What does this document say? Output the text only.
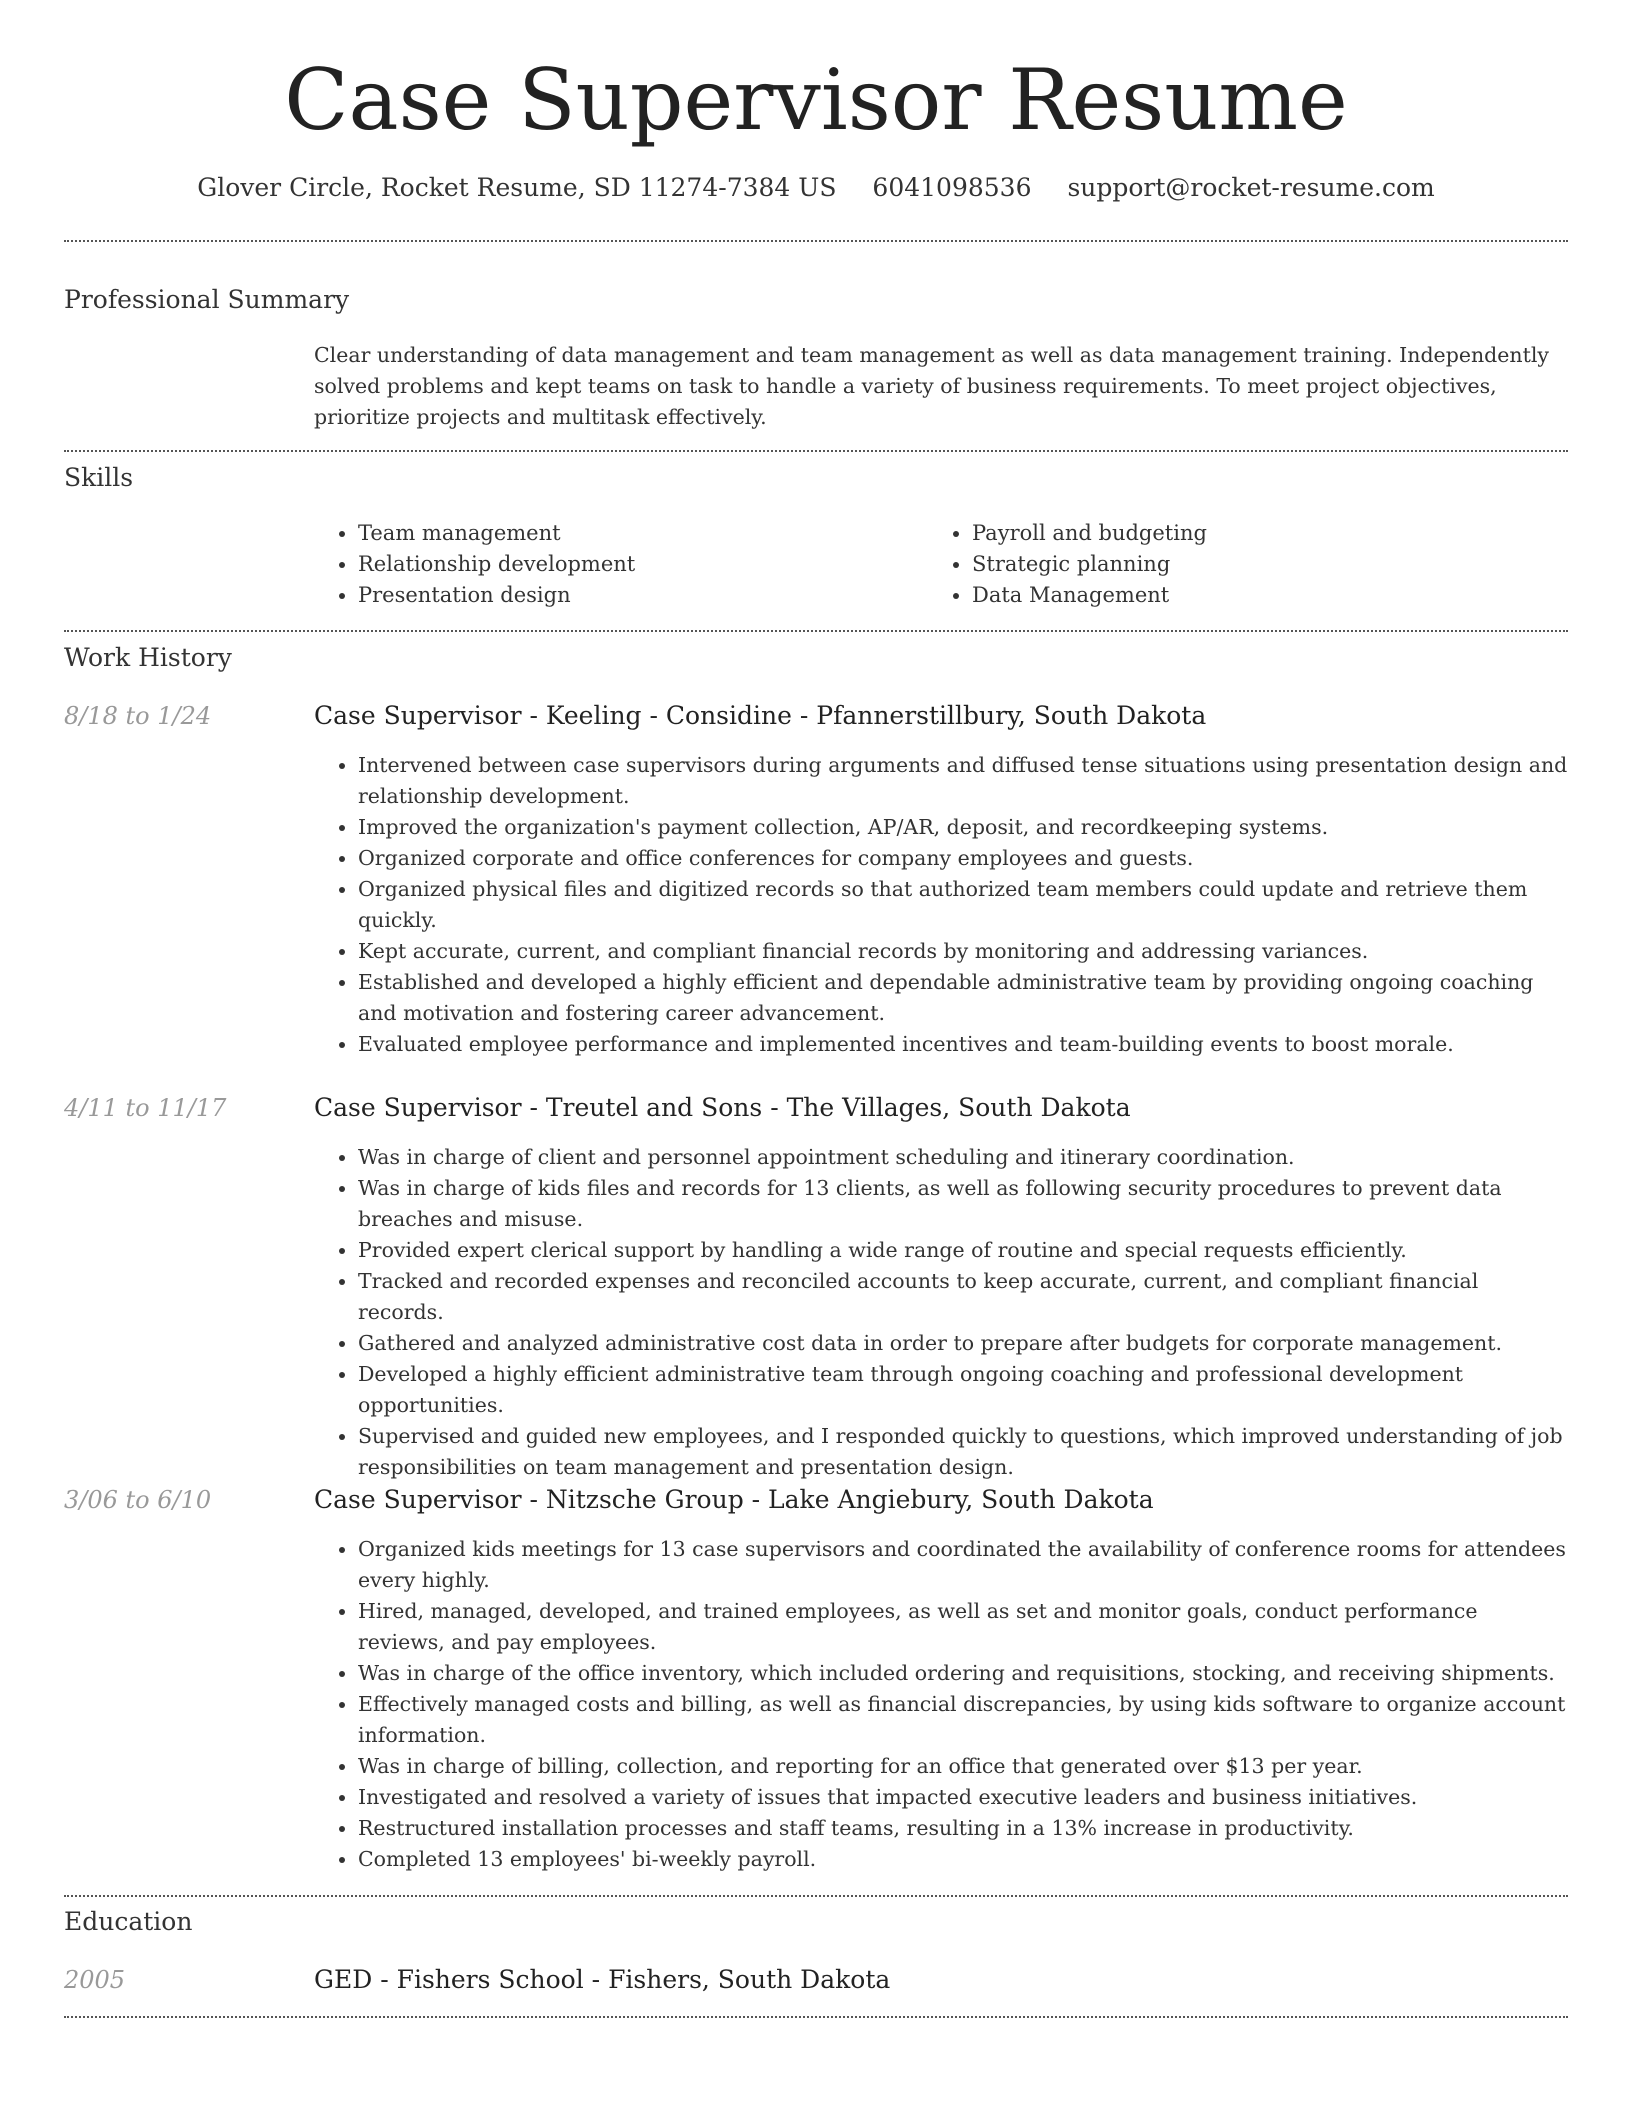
Case Supervisor Resume
Glover Circle, Rocket Resume, SD 11274-7384 US 6041098536 support@rocket-resume.com
Professional Summary

Clear understanding of data management and team management as well as data management training. Independently solved problems and kept teams on task to handle a variety of business requirements. To meet project objectives, prioritize projects and multitask effectively.

Skills
• Team management
• Relationship development
• Presentation design
• Payroll and budgeting
• Strategic planning
• Data Management
Work History
8/18 to 1/24	Case Supervisor - Keeling - Considine - Pfannerstillbury, South Dakota
• Intervened between case supervisors during arguments and diffused tense situations using presentation design and relationship development.
• Improved the organization's payment collection, AP/AR, deposit, and recordkeeping systems.
• Organized corporate and office conferences for company employees and guests.
• Organized physical files and digitized records so that authorized team members could update and retrieve them quickly.
• Kept accurate, current, and compliant financial records by monitoring and addressing variances.
• Established and developed a highly efficient and dependable administrative team by providing ongoing coaching and motivation and fostering career advancement.
• Evaluated employee performance and implemented incentives and team-building events to boost morale.
4/11 to 11/17	Case Supervisor - Treutel and Sons - The Villages, South Dakota
• Was in charge of client and personnel appointment scheduling and itinerary coordination.
• Was in charge of kids files and records for 13 clients, as well as following security procedures to prevent data breaches and misuse.
• Provided expert clerical support by handling a wide range of routine and special requests efficiently.
• Tracked and recorded expenses and reconciled accounts to keep accurate, current, and compliant financial records.
• Gathered and analyzed administrative cost data in order to prepare after budgets for corporate management.
• Developed a highly efficient administrative team through ongoing coaching and professional development opportunities.
• Supervised and guided new employees, and I responded quickly to questions, which improved understanding of job responsibilities on team management and presentation design.
3/06 to 6/10	Case Supervisor - Nitzsche Group - Lake Angiebury, South Dakota
• Organized kids meetings for 13 case supervisors and coordinated the availability of conference rooms for attendees every highly.
• Hired, managed, developed, and trained employees, as well as set and monitor goals, conduct performance reviews, and pay employees.
• Was in charge of the office inventory, which included ordering and requisitions, stocking, and receiving shipments.
• Effectively managed costs and billing, as well as financial discrepancies, by using kids software to organize account information.
• Was in charge of billing, collection, and reporting for an office that generated over $13 per year.
• Investigated and resolved a variety of issues that impacted executive leaders and business initiatives.
• Restructured installation processes and staff teams, resulting in a 13% increase in productivity.
• Completed 13 employees' bi-weekly payroll.
Education
2005	GED - Fishers School - Fishers, South Dakota
